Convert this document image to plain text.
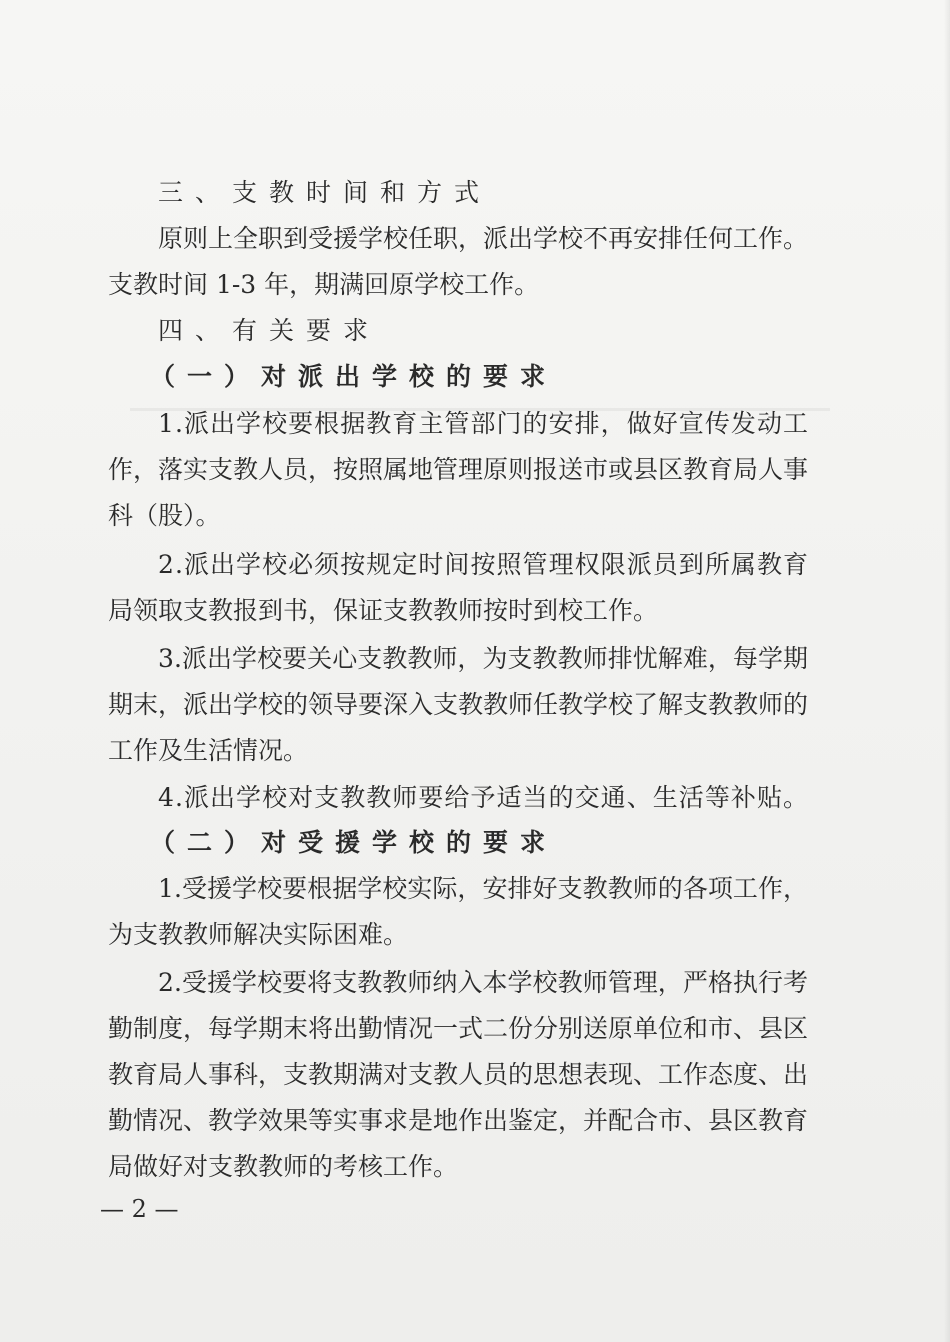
三、支教时间和方式
原则上全职到受援学校任职，派出学校不再安排任何工作。
支教时间 1-3 年，期满回原学校工作。
四、有关要求
（一）对派出学校的要求
1.派出学校要根据教育主管部门的安排，做好宣传发动工
作，落实支教人员，按照属地管理原则报送市或县区教育局人事
科（股）。
2.派出学校必须按规定时间按照管理权限派员到所属教育
局领取支教报到书，保证支教教师按时到校工作。
3.派出学校要关心支教教师，为支教教师排忧解难，每学期
期末，派出学校的领导要深入支教教师任教学校了解支教教师的
工作及生活情况。
4.派出学校对支教教师要给予适当的交通、生活等补贴。
（二）对受援学校的要求
1.受援学校要根据学校实际，安排好支教教师的各项工作，
为支教教师解决实际困难。
2.受援学校要将支教教师纳入本学校教师管理，严格执行考
勤制度，每学期末将出勤情况一式二份分别送原单位和市、县区
教育局人事科，支教期满对支教人员的思想表现、工作态度、出
勤情况、教学效果等实事求是地作出鉴定，并配合市、县区教育
局做好对支教教师的考核工作。
— 2 —
